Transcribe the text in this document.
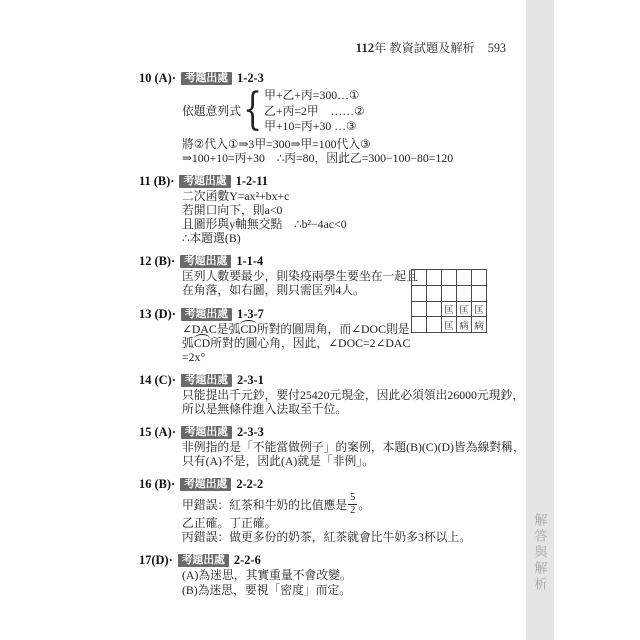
解答與解析
112年 教資試題及解析 593
10 (A)· 考題出處 1-2-3
依題意列式
{
甲+乙+丙=300…①
乙+丙=2甲　……②
甲+10=丙+30 …③
將②代入①⇒3甲=300⇒甲=100代入③
⇒100+10=丙+30　∴丙=80，因此乙=300−100−80=120
11 (B)· 考題出處 1-2-11
二次函數Y=ax²+bx+c
若開口向下，則a<0
且圖形與y軸無交點　∴b²−4ac<0
∴本題選(B)
12 (B)· 考題出處 1-1-4
匡列人數要最少，則染疫兩學生要坐在一起且
在角落，如右圖，則只需匡列4人。
13 (D)· 考題出處 1-3-7
∠DAC是弧CD所對的圓周角，而∠DOC則是
弧CD所對的圓心角，因此，∠DOC=2∠DAC
=2x°
14 (C)· 考題出處 2-3-1
只能提出千元鈔，要付25420元現金，因此必須領出26000元現鈔，
所以是無條件進入法取至千位。
15 (A)· 考題出處 2-3-3
非例指的是「不能當做例子」的案例，本題(B)(C)(D)皆為線對稱，
只有(A)不是，因此(A)就是「非例」。
16 (B)· 考題出處 2-2-2
甲錯誤：紅茶和牛奶的比值應是 $\frac{5}{2}$ 。
乙正確。丁正確。
丙錯誤：做更多份的奶茶，紅茶就會比牛奶多3杯以上。
17(D)· 考題出處 2-2-6
(A)為迷思，其實重量不會改變。
(B)為迷思，要視「密度」而定。

		匡	匡	匡
		匡	病	病
